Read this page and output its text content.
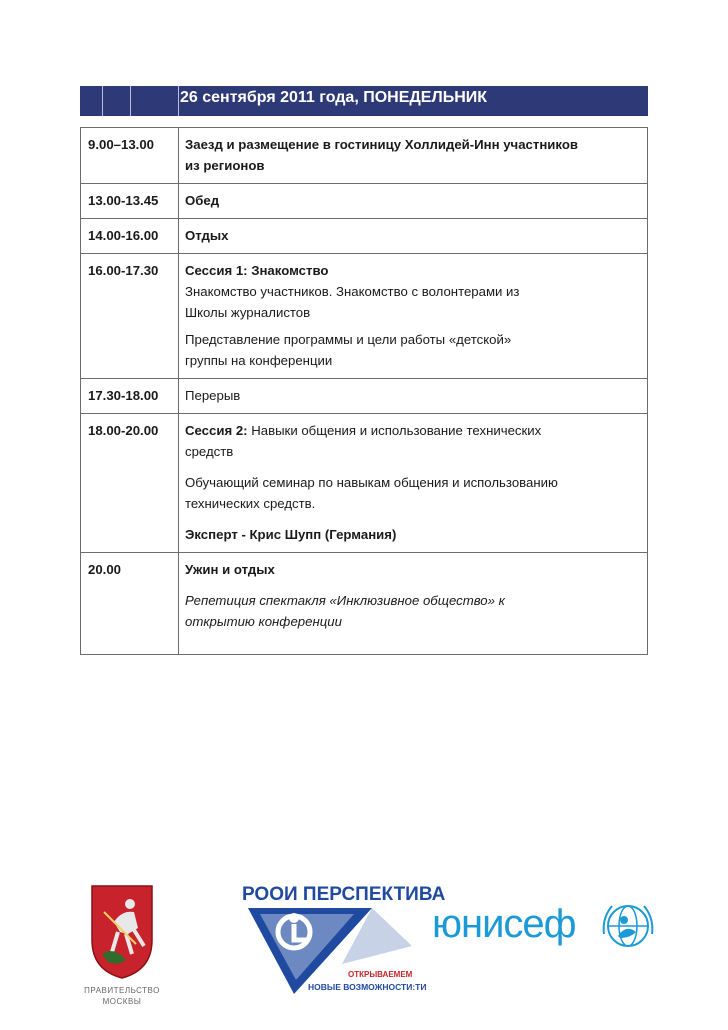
26 сентября 2011 года, ПОНЕДЕЛЬНИК
9.00–13.00	Заезд и размещение в гостиницу Холлидей-Инн участников
из регионов

13.00-13.45	Обед

14.00-16.00	Отдых

16.00-17.30	Сессия 1: Знакомство
Знакомство участников. Знакомство с волонтерами из
Школы журналистов
Представление программы и цели работы «детской»
группы на конференции

17.30-18.00	Перерыв

18.00-20.00	Сессия 2: Навыки общения и использование технических
средств
Обучающий семинар по навыкам общения и использованию
технических средств.
Эксперт - Крис Шупп (Германия)

20.00	Ужин и отдых
Репетиция спектакля «Инклюзивное общество» к
открытию конференции
ПРАВИТЕЛЬСТВО
МОСКВЫ
РООИ ПЕРСПЕКТИВА
ОТКРЫВАЕМЕМ
НОВЫЕ ВОЗМОЖНОСТИ:ТИ
юнисеф
